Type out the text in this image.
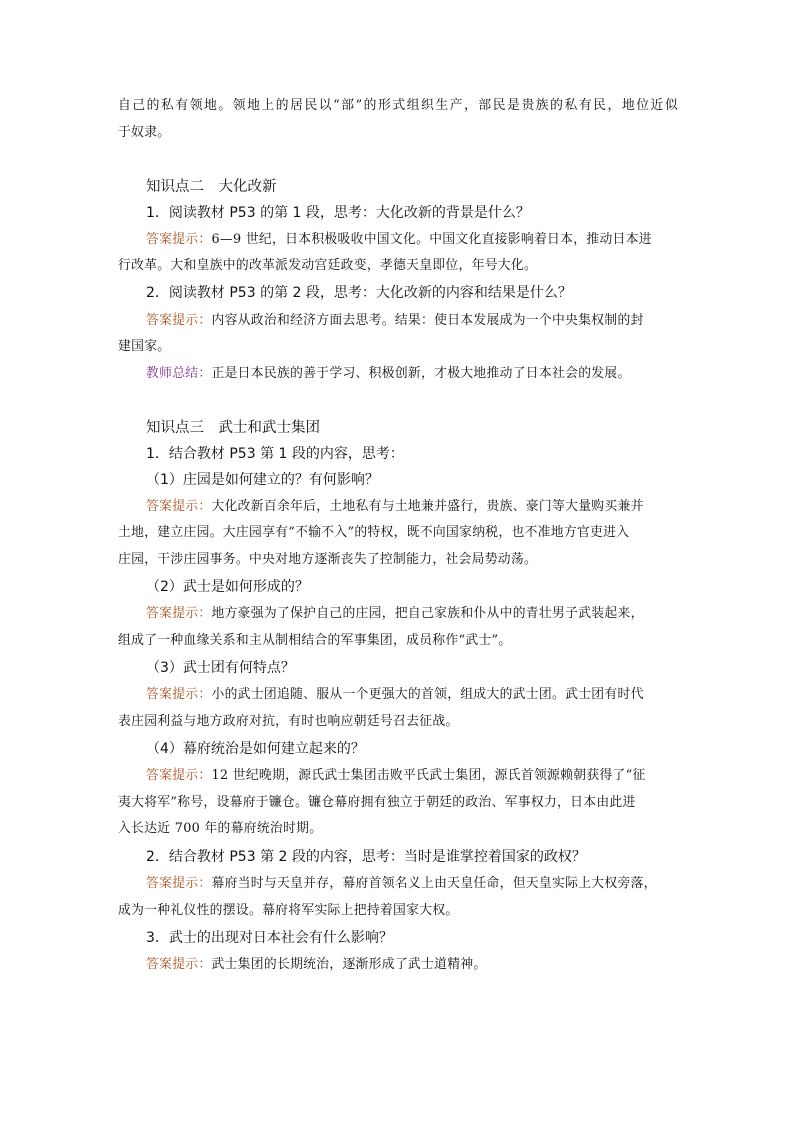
自己的私有领地。领地上的居民以“部”的形式组织生产，部民是贵族的私有民，地位近似
于奴隶。
知识点二　大化改新
1．阅读教材 P53 的第 1 段，思考：大化改新的背景是什么？
答案提示：6—9 世纪，日本积极吸收中国文化。中国文化直接影响着日本，推动日本进
行改革。大和皇族中的改革派发动宫廷政变，孝德天皇即位，年号大化。
2．阅读教材 P53 的第 2 段，思考：大化改新的内容和结果是什么？
答案提示：内容从政治和经济方面去思考。结果：使日本发展成为一个中央集权制的封
建国家。
教师总结：正是日本民族的善于学习、积极创新，才极大地推动了日本社会的发展。
知识点三　武士和武士集团
1．结合教材 P53 第 1 段的内容，思考：
（1）庄园是如何建立的？有何影响？
答案提示：大化改新百余年后，土地私有与土地兼并盛行，贵族、豪门等大量购买兼并
土地，建立庄园。大庄园享有“不输不入”的特权，既不向国家纳税，也不准地方官吏进入
庄园，干涉庄园事务。中央对地方逐渐丧失了控制能力，社会局势动荡。
（2）武士是如何形成的？
答案提示：地方豪强为了保护自己的庄园，把自己家族和仆从中的青壮男子武装起来，
组成了一种血缘关系和主从制相结合的军事集团，成员称作“武士”。
（3）武士团有何特点？
答案提示：小的武士团追随、服从一个更强大的首领，组成大的武士团。武士团有时代
表庄园利益与地方政府对抗，有时也响应朝廷号召去征战。
（4）幕府统治是如何建立起来的？
答案提示：12 世纪晚期，源氏武士集团击败平氏武士集团，源氏首领源赖朝获得了“征
夷大将军”称号，设幕府于镰仓。镰仓幕府拥有独立于朝廷的政治、军事权力，日本由此进
入长达近 700 年的幕府统治时期。
2．结合教材 P53 第 2 段的内容，思考：当时是谁掌控着国家的政权？
答案提示：幕府当时与天皇并存，幕府首领名义上由天皇任命，但天皇实际上大权旁落，
成为一种礼仪性的摆设。幕府将军实际上把持着国家大权。
3．武士的出现对日本社会有什么影响？
答案提示：武士集团的长期统治，逐渐形成了武士道精神。
